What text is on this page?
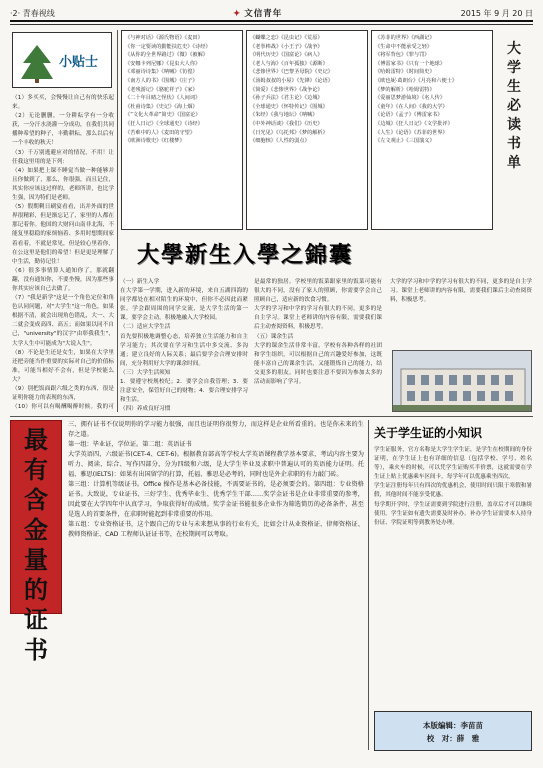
·2· 青春视线	✦ 文信青年	2015 年 9 月 20 日
小贴士
（1）多买买，会慢慢让自己有的快乐起来。
（2）无论删删，一分耕耘学有一分收获，一分汗水浇灌一分成功，在我们共同播种希望的种子，丰勤耕耘，那么以后有一个丰收的秋天！
（3）千万别逃避应对的情况，不用！让任我这里用的是下列：
（4）如果把上课不睡觉当做一种能够并且你做到了，那么，你很强，而且记住，其实你应该这过样的，老师所讲，也比学生强，因为特们是老师。
（5）假期剩日刷宴看看，出并外面的世界很精彩，但是渐忘记了，家里的人都在那记着你。他国的大财问山南非北海，不能复里稳稳的家烦恼着、多用时想期间家着看着，不就是常见，但是较心里着你，在公这里是他们的希望！但是更是理解了中生活，勤待记住！
（6）很多事情算人通知你了，那就翻翻，没有通知你，不要坐慢，因为那些事你其实应该自己去做了。
（7）"我是新学"这是一个角色定位和角色认同问题，对"大学生"这一角色，如果根据不清，就会出现角色错乱，大一、大二就会变成高四、高五；而如果以同不自己，"university"的汉字"由彰我我生"，大学人生中可能成为"大说入生"。
（8）不论是生还是女生，如果在大学里还把旁能当作重要的实际对自己的价值标准，可能当相好不会有，但是学校能么大？
（9）别把饭面跟六级之类的东西，很是证明你能力的表现的东西，
（10）你可以有喝酬喝醉时候。我的可
《与神对话》《源氏物语》《麦田》
《你一定要读的勤能扶危史》《诗经》
《从你的全世界路过》《微》《被解》
《安娜卡列尼娜》《昆虫大人你》
《邓丽诗诗集》《呐喊》《彷徨》
《南方人的书》《围城》《庄子》
《老残游记》《骆驼祥子》《家》
《二十年目睹之怪状》《人间词》
《杜甫诗集》《史记》《海上烟》
《“文化大革命”简史》《国富论》
《狂人日记》《全球通史》《诗经》
《苦难中的人》《麦田的守望》
《欧洲诗歌史》《红楼梦》
《蝴蝶之恋》《昆虫记》《荒原》
《老拳棒战》《小王子》《战争》
《明代历史》《国富论》《病人》
《老人与海》《百年孤独》《源断》
《悲惨世界》《巴黎圣母院》《史记》
《汤姆叔叔的小屋》《先锋》《论语》
《简爱》《悲惨世界》《战争论》
《孙子兵法》《君主论》《边城》
《全球通史》《怀特传记》《围城》
《朱经》《我与地坛》《呐喊》
《中外神话谈》《我们》《历史》
《日光见》《乌托邦》《梦的解析》
《细胞核》《人性的弱点》
《苏菲的世界》《西湖记》
《生命中不能承受之轻》
《将军背包》《罪与罚》
《傅雷家书》《只有一个地球》
《哈姆雷特》《时间简史》
《欧也妮·葛朗台》《月亮和六便士》
《梦的解析》《哈姆雷特》
《爱丽思梦游仙境》《名人传》
《童年》《在人间》《我的大学》
《论语》《孟子》《傅雷家书》
《边城》《狂人日记》《文学批评》
《人生》《论语》《苏菲的世界》
《左文观止》《三国演义》
大学生必读书单
大學新生入學之錦囊
（一）新生入学
在大学第一学期，进入新的环境，来自五湖四海的同学都处在相对陌生的环境中，但你不必因此而紧张。学会跟周围的同学交流，是大学生活的第一课。要学会主动，积极地融入大学校园。
（二）适应大学生活
首先要积极地调整心态，培养独立生活能力和自主学习能力；其次要在学习和生活中多交流、多沟通；建立良好的人际关系；最后要学会合理安排时间，充分利用好大学的课余时间。
（三）大学生活须知
1．要遵守校规校纪；2．要学会自我管理；3．要注意安全，保管好自己的财物；4．要合理安排学习和生活。
（四）养成良好习惯
是最常的独居。学校里的饭菜跟家里的饭菜可能有很大的不同，没有了家人的照顾，你需要学会自己照顾自己，适应新的饮食习惯。
大学的学习和中学的学习有很大的不同，更多的是自主学习。课堂上老师讲的内容有限，需要我们课后主动查阅资料，积极思考。
（五）课余生活
大学的课余生活非常丰富，学校有各种各样的社团和学生组织，可以根据自己的兴趣爱好参加，这既能丰富自己的课余生活，又能锻炼自己的能力，结交更多的朋友。同时也要注意不要因为参加太多的活动而影响了学习。
大学的学习和中学的学习有很大的不同，更多的是自主学习。课堂上老师讲的内容有限，需要我们课后主动查阅资料，积极思考。
最有含金量的证书
三、拥有证书不仅说明你的学习能力很强，而且也证明你很努力，而这样是企业所看重的。也是你未来的生存之道。
第一组：毕业证，学位证。第二组：英语证书
大学英语四、六级证书(CET-4、CET-6)。根据教育部高等学校大学英语课程教学基本要求，考试内容主要为听力、阅读、综合、写作四部分，分为四级和六级，是大学生毕业及求职中普遍认可的英语能力证明。托福、雅思(IELTS)：如果有出国留学的打算，托福、雅思是必考的，同时也是外企求职的有力敲门砖。
第三组：计算机等级证书。Office 操作是基本必备技能，不需要证书的，是必须要会的。第四组：专业资格证书。大致说，专业证书、三好学生、优秀毕业生、优秀学生干部……奖学金证书是企业非常重要的参考，因此要在大学四年中认真学习，争取获得好的成绩。奖学金证书能很多企业作为筛选简历的必备条件，甚至是选人的首要条件，在求职时能起到非常重要的作用。
第五组：专业资格证书，这个跟自己的专业与未来想从事的行业有关，比如会计从业资格证、律师资格证、教师资格证、CAD 工程师认证证书等，在校期间可以考取。
关于学生证的小知识
学生证服务，官方名称是大学生学生证，是学生在校期间的身份证明，在学生证上也有详细的信息（包括学校、学号、姓名等），乘火车的时候，可以凭学生证购买半价票，这就需要在学生证上贴上优惠乘车区间卡，每学年可以优惠乘坐四次。
学生证注册每年只有四次的优惠机会，使用时间只限于寒假和暑假，其他时间不能享受优惠。
每学期开学时，学生证需要到学院进行注册，盖章后才可以继续使用。学生证如有遗失需要及时补办。补办学生证需要本人持身份证、学院证明等到教务处办理。
本版编辑：李苗苗
校　对：薛　雅
